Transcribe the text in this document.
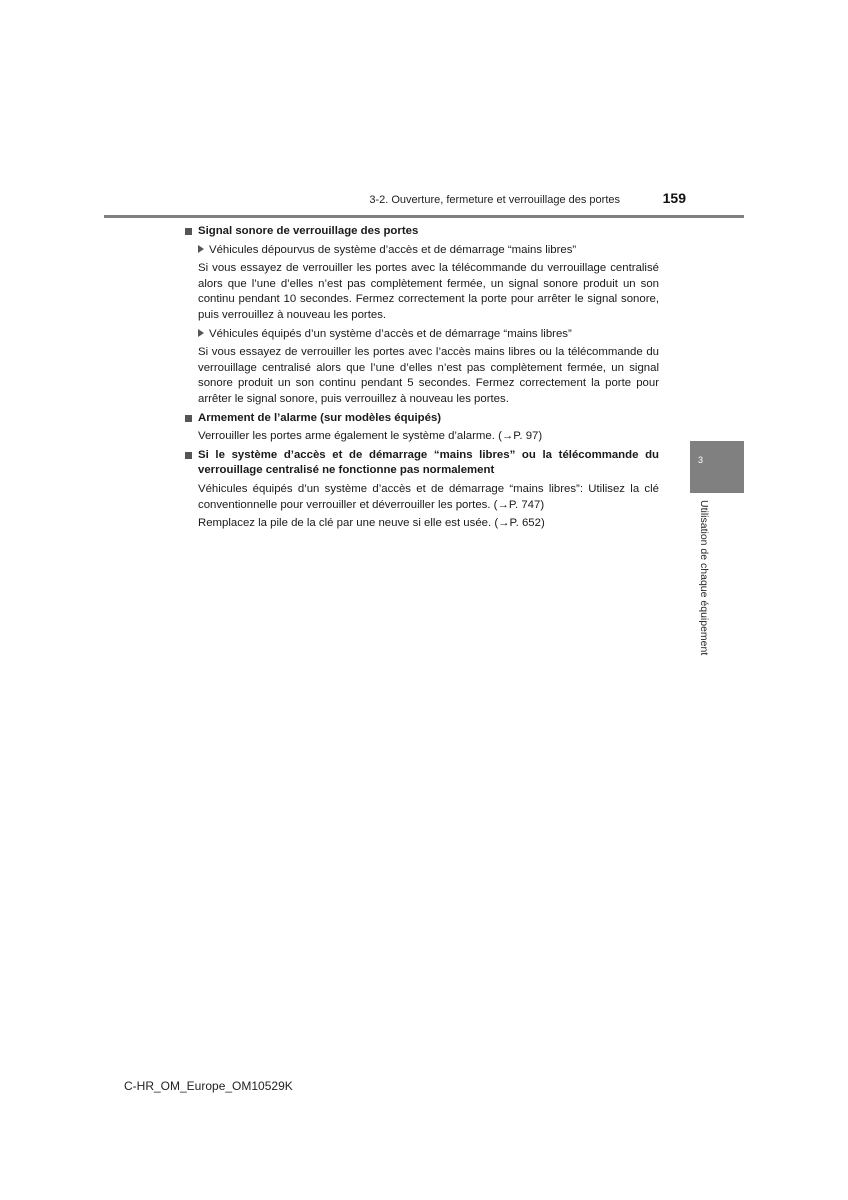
3-2. Ouverture, fermeture et verrouillage des portes	159
Signal sonore de verrouillage des portes
Véhicules dépourvus de système d’accès et de démarrage “mains libres”

Si vous essayez de verrouiller les portes avec la télécommande du verrouillage centralisé alors que l’une d’elles n’est pas complètement fermée, un signal sonore produit un son continu pendant 10 secondes. Fermez correctement la porte pour arrêter le signal sonore, puis verrouillez à nouveau les portes.

Véhicules équipés d’un système d’accès et de démarrage “mains libres”

Si vous essayez de verrouiller les portes avec l’accès mains libres ou la télécommande du verrouillage centralisé alors que l’une d’elles n’est pas complètement fermée, un signal sonore produit un son continu pendant 5 secondes. Fermez correctement la porte pour arrêter le signal sonore, puis verrouillez à nouveau les portes.

Armement de l’alarme (sur modèles équipés)

Verrouiller les portes arme également le système d’alarme. (→P. 97)

Si le système d’accès et de démarrage “mains libres” ou la télécommande du verrouillage centralisé ne fonctionne pas normalement

Véhicules équipés d’un système d’accès et de démarrage “mains libres”: Utilisez la clé conventionnelle pour verrouiller et déverrouiller les portes. (→P. 747)

Remplacez la pile de la clé par une neuve si elle est usée. (→P. 652)

3
Utilisation de chaque équipement
C-HR_OM_Europe_OM10529K
